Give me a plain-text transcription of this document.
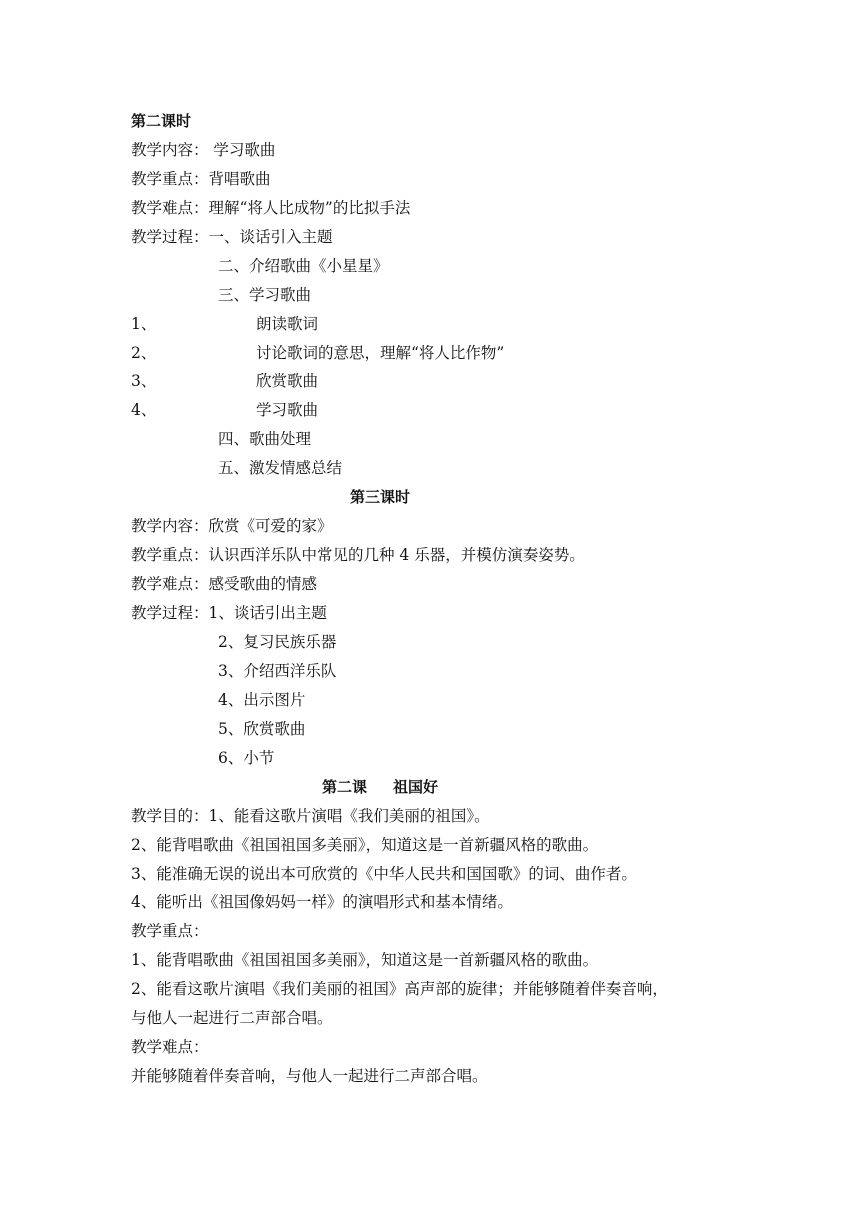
第二课时
教学内容： 学习歌曲
教学重点：背唱歌曲
教学难点：理解“将人比成物”的比拟手法
教学过程：一、谈话引入主题
二、介绍歌曲《小星星》
三、学习歌曲
1、	朗读歌词
2、	讨论歌词的意思，理解“将人比作物”
3、	欣赏歌曲
4、	学习歌曲
四、歌曲处理
五、激发情感总结
第三课时
教学内容：欣赏《可爱的家》
教学重点：认识西洋乐队中常见的几种 4 乐器，并模仿演奏姿势。
教学难点：感受歌曲的情感
教学过程：1、谈话引出主题
2、复习民族乐器
3、介绍西洋乐队
4、出示图片
5、欣赏歌曲
6、小节
第二课     祖国好
教学目的：1、能看这歌片演唱《我们美丽的祖国》。
2、能背唱歌曲《祖国祖国多美丽》，知道这是一首新疆风格的歌曲。
3、能准确无误的说出本可欣赏的《中华人民共和国国歌》的词、曲作者。
4、能听出《祖国像妈妈一样》的演唱形式和基本情绪。
教学重点：
1、能背唱歌曲《祖国祖国多美丽》，知道这是一首新疆风格的歌曲。
2、能看这歌片演唱《我们美丽的祖国》高声部的旋律；并能够随着伴奏音响，
与他人一起进行二声部合唱。
教学难点：
并能够随着伴奏音响，与他人一起进行二声部合唱。
